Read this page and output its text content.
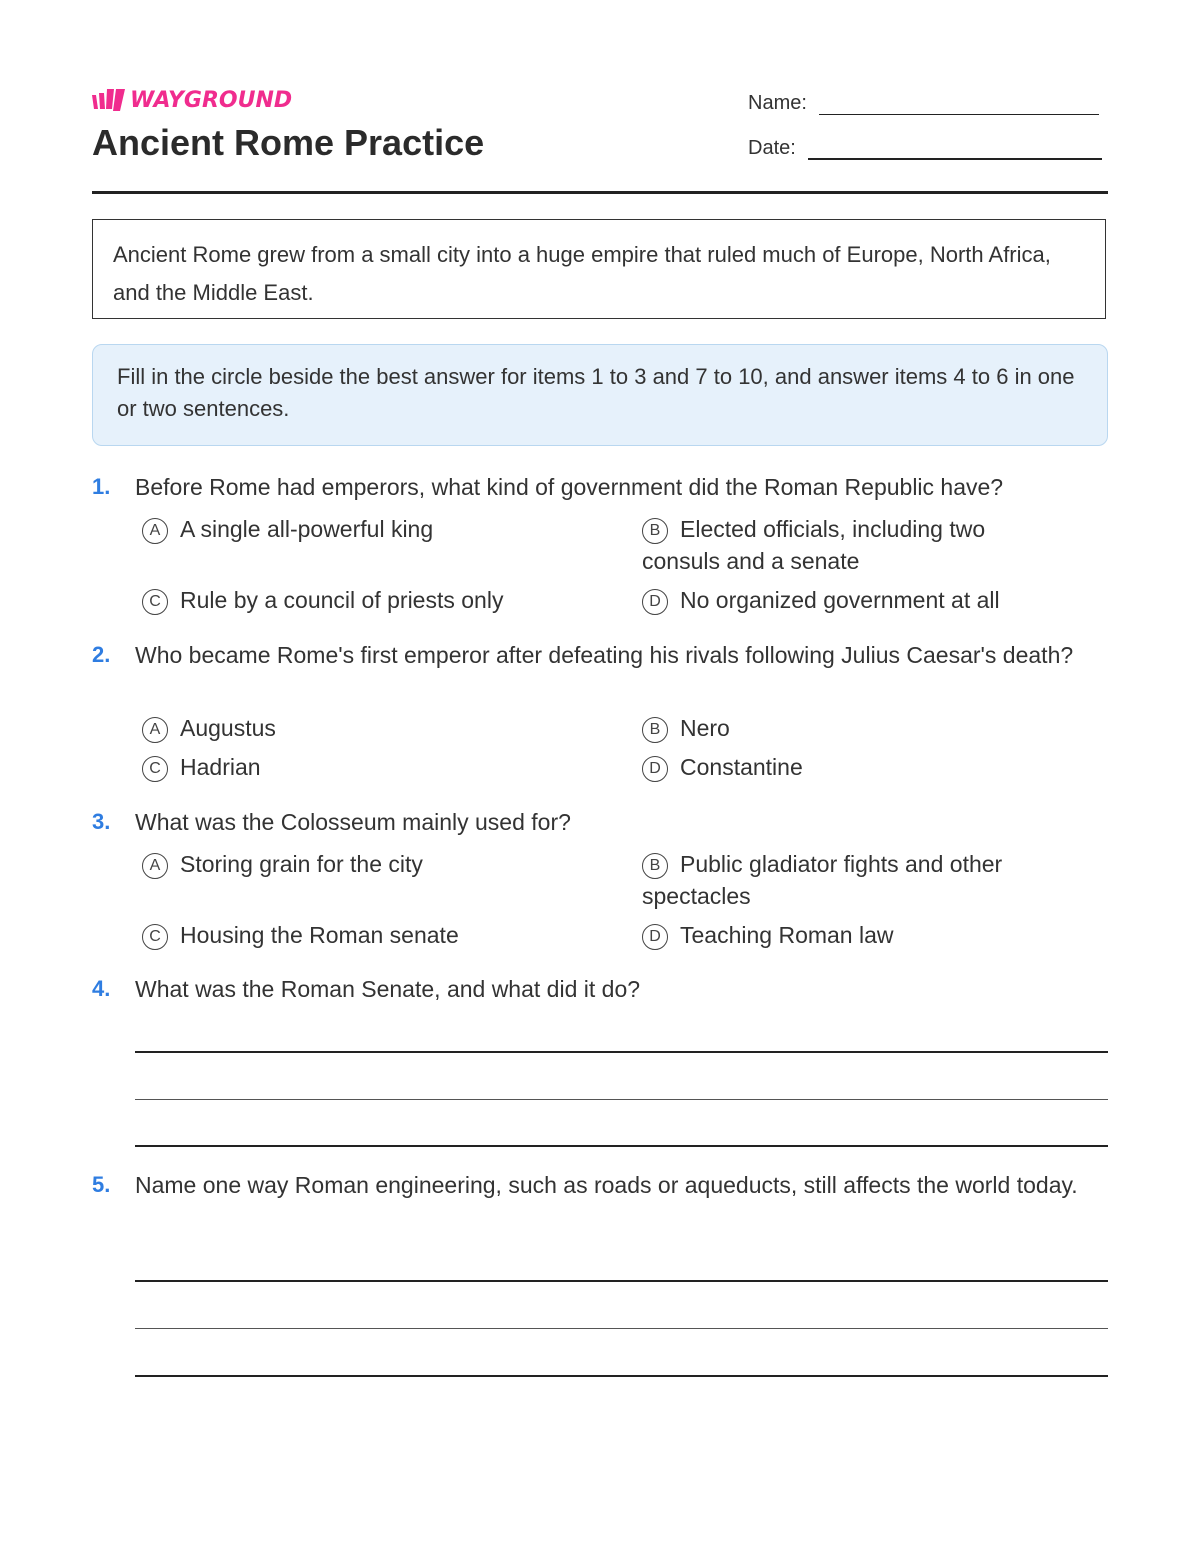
WAYGROUND
Ancient Rome Practice
Name:
Date:
Ancient Rome grew from a small city into a huge empire that ruled much of Europe, North Africa, and the Middle East.
Fill in the circle beside the best answer for items 1 to 3 and 7 to 10, and answer items 4 to 6 in one or two sentences.
1. Before Rome had emperors, what kind of government did the Roman Republic have?
A A single all-powerful king	B Elected officials, including two consuls and a senate
C Rule by a council of priests only	D No organized government at all
2. Who became Rome's first emperor after defeating his rivals following Julius Caesar's death?
A Augustus	B Nero
C Hadrian	D Constantine
3. What was the Colosseum mainly used for?
A Storing grain for the city	B Public gladiator fights and other spectacles
C Housing the Roman senate	D Teaching Roman law
4. What was the Roman Senate, and what did it do?
5. Name one way Roman engineering, such as roads or aqueducts, still affects the world today.
